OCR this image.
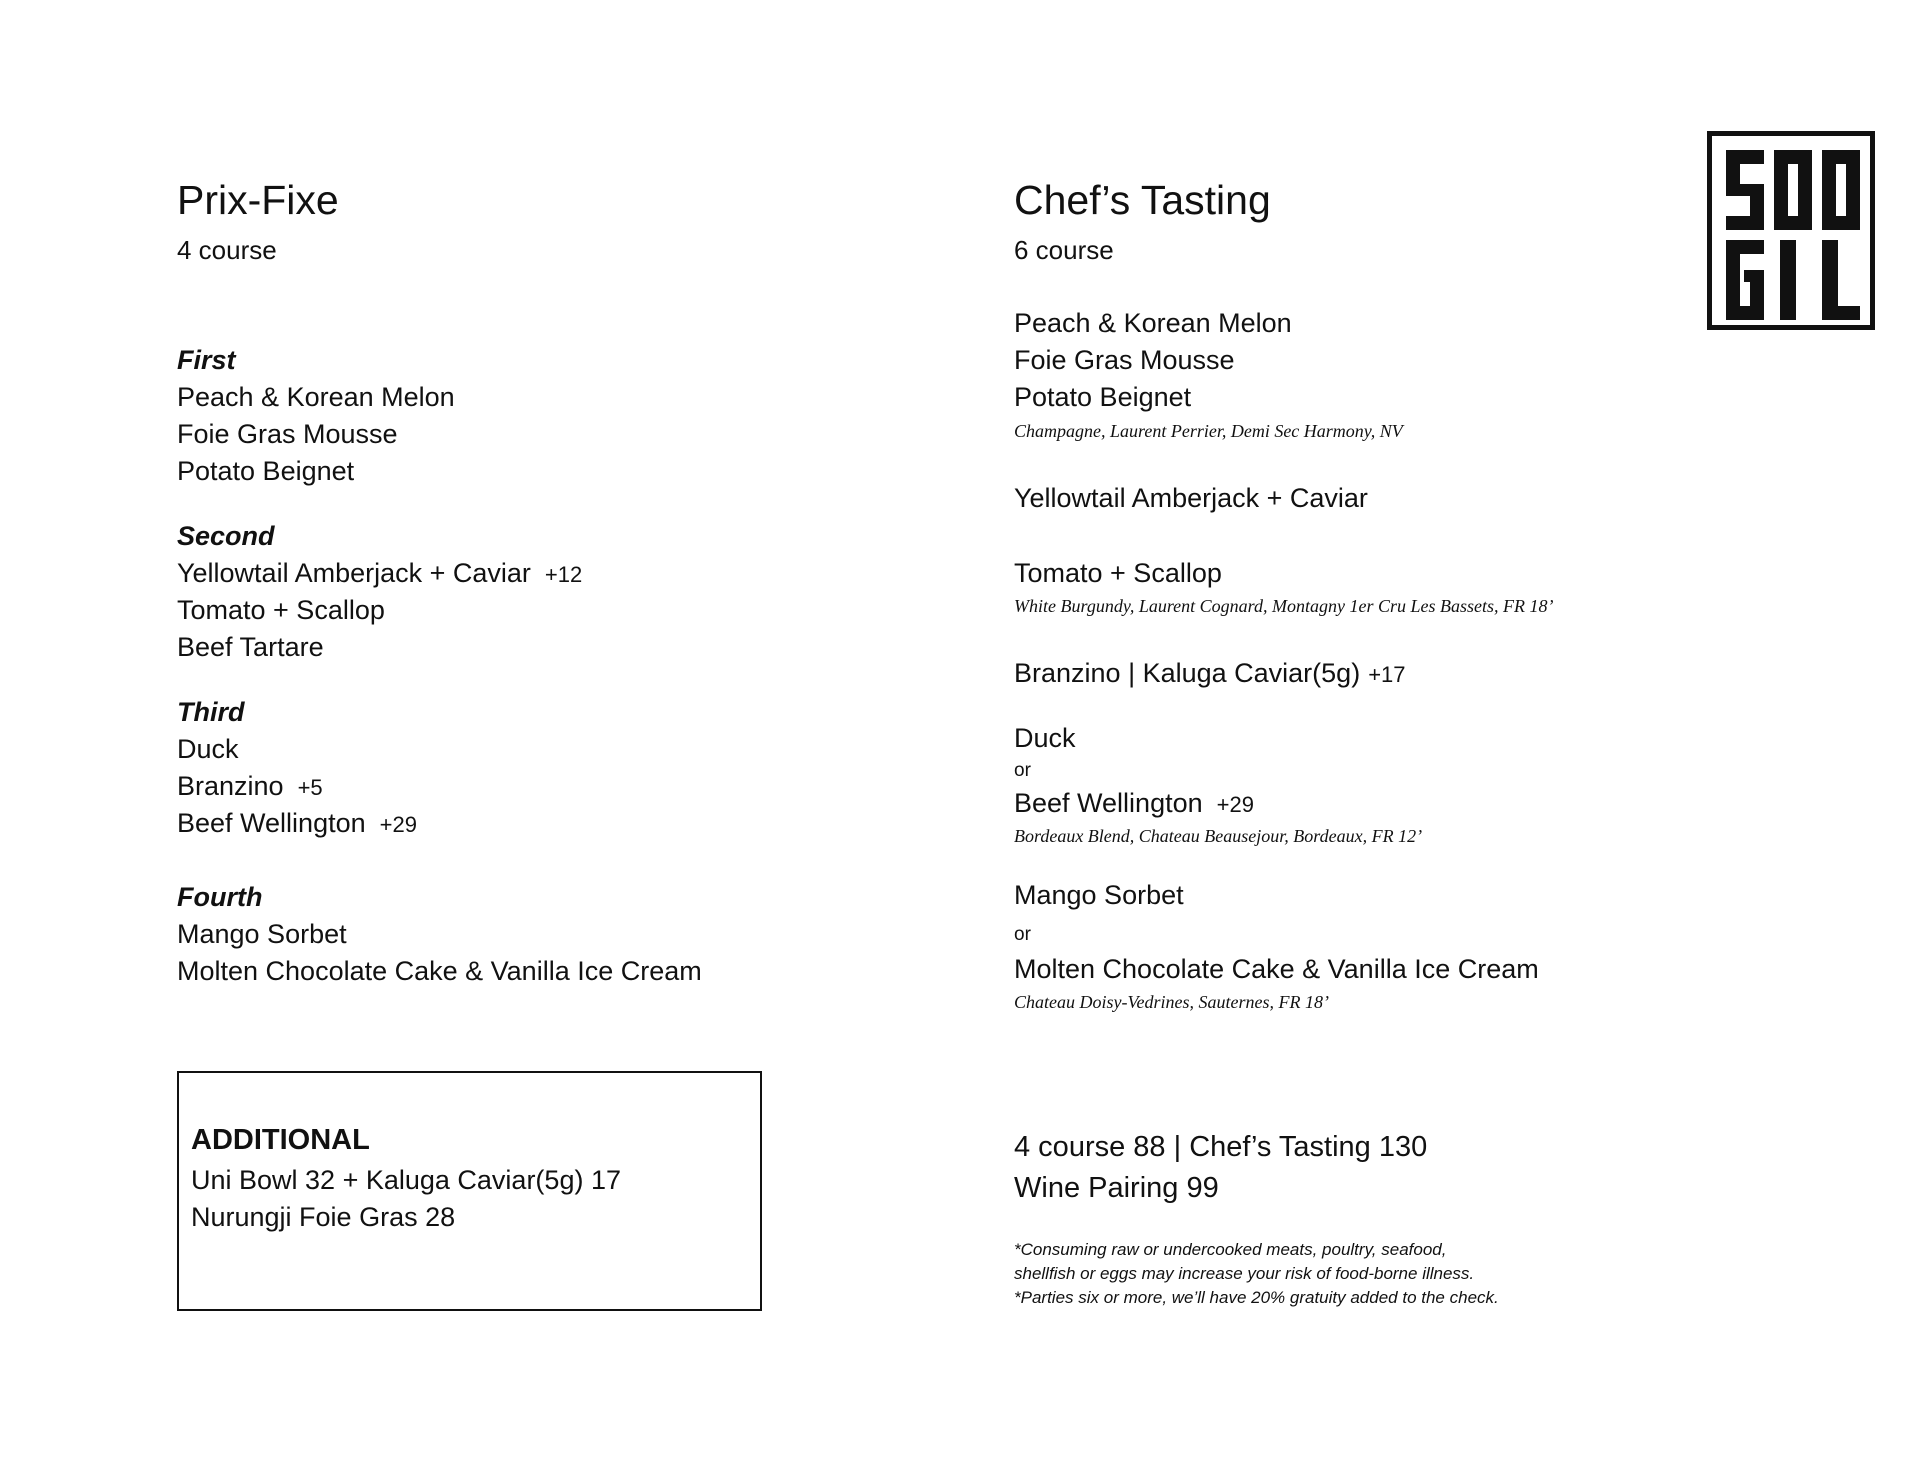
Prix-Fixe
4 course
First
Peach & Korean Melon
Foie Gras Mousse
Potato Beignet
Second
Yellowtail Amberjack + Caviar +12
Tomato + Scallop
Beef Tartare
Third
Duck
Branzino +5
Beef Wellington +29
Fourth
Mango Sorbet
Molten Chocolate Cake & Vanilla Ice Cream
ADDITIONAL
Uni Bowl 32 + Kaluga Caviar(5g) 17
Nurungji Foie Gras 28
Chef’s Tasting
6 course
Peach & Korean Melon
Foie Gras Mousse
Potato Beignet
Champagne, Laurent Perrier, Demi Sec Harmony, NV
Yellowtail Amberjack + Caviar
Tomato + Scallop
White Burgundy, Laurent Cognard, Montagny 1er Cru Les Bassets, FR 18’
Branzino | Kaluga Caviar(5g) +17
Duck
or
Beef Wellington +29
Bordeaux Blend, Chateau Beausejour, Bordeaux, FR 12’
Mango Sorbet
or
Molten Chocolate Cake & Vanilla Ice Cream
Chateau Doisy-Vedrines, Sauternes, FR 18’
4 course 88 | Chef’s Tasting 130
Wine Pairing 99
*Consuming raw or undercooked meats, poultry, seafood,
shellfish or eggs may increase your risk of food-borne illness.
*Parties six or more, we’ll have 20% gratuity added to the check.
